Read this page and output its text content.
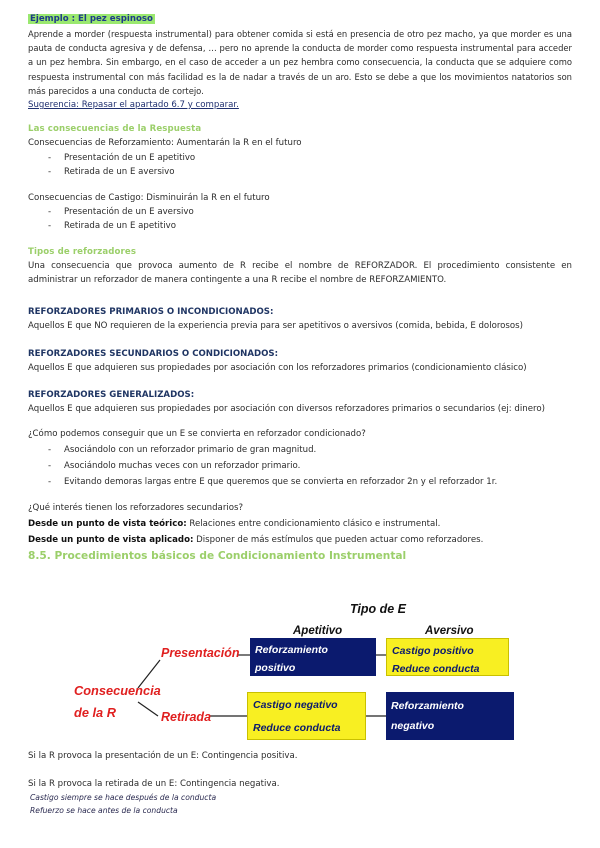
Ejemplo : El pez espinoso

Aprende a morder (respuesta instrumental) para obtener comida si está en presencia de otro pez macho, ya que morder es una pauta de conducta agresiva y de defensa, … pero no aprende la conducta de morder como respuesta instrumental para acceder a un pez hembra. Sin embargo, en el caso de acceder a un pez hembra como consecuencia, la conducta que se adquiere como respuesta instrumental con más facilidad es la de nadar a través de un aro. Esto se debe a que los movimientos natatorios son más parecidos a una conducta de cortejo.

Sugerencia: Repasar el apartado 6.7 y comparar.

Las consecuencias de la Respuesta

Consecuencias de Reforzamiento: Aumentarán la R en el futuro

- Presentación de un E apetitivo
- Retirada de un E aversivo

Consecuencias de Castigo: Disminuirán la R en el futuro

- Presentación de un E aversivo
- Retirada de un E apetitivo

Tipos de reforzadores

Una consecuencia que provoca aumento de R recibe el nombre de REFORZADOR. El procedimiento consistente en administrar un reforzador de manera contingente a una R recibe el nombre de REFORZAMIENTO.

REFORZADORES PRIMARIOS O INCONDICIONADOS:

Aquellos E que NO requieren de la experiencia previa para ser apetitivos o aversivos (comida, bebida, E dolorosos)

REFORZADORES SECUNDARIOS O CONDICIONADOS:

Aquellos E que adquieren sus propiedades por asociación con los reforzadores primarios (condicionamiento clásico)

REFORZADORES GENERALIZADOS:

Aquellos E que adquieren sus propiedades por asociación con diversos reforzadores primarios o secundarios (ej: dinero)

¿Cómo podemos conseguir que un E se convierta en reforzador condicionado?

- Asociándolo con un reforzador primario de gran magnitud.
- Asociándolo muchas veces con un reforzador primario.
- Evitando demoras largas entre E que queremos que se convierta en reforzador 2n y el reforzador 1r.

¿Qué interés tienen los reforzadores secundarios?

Desde un punto de vista teórico: Relaciones entre condicionamiento clásico e instrumental.

Desde un punto de vista aplicado: Disponer de más estímulos que pueden actuar como reforzadores.

8.5. Procedimientos básicos de Condicionamiento Instrumental

Tipo de E
Apetitivo	Aversivo
Presentación
Retirada
Consecuencia
de la R
Reforzamiento positivo
Incrementa conducta
Castigo positivo
Reduce conducta
Castigo negativo
Reduce conducta
Reforzamiento negativo
Incrementa conducta

Si la R provoca la presentación de un E: Contingencia positiva.

Si la R provoca la retirada de un E: Contingencia negativa.

Castigo siempre se hace después de la conducta

Refuerzo se hace antes de la conducta
